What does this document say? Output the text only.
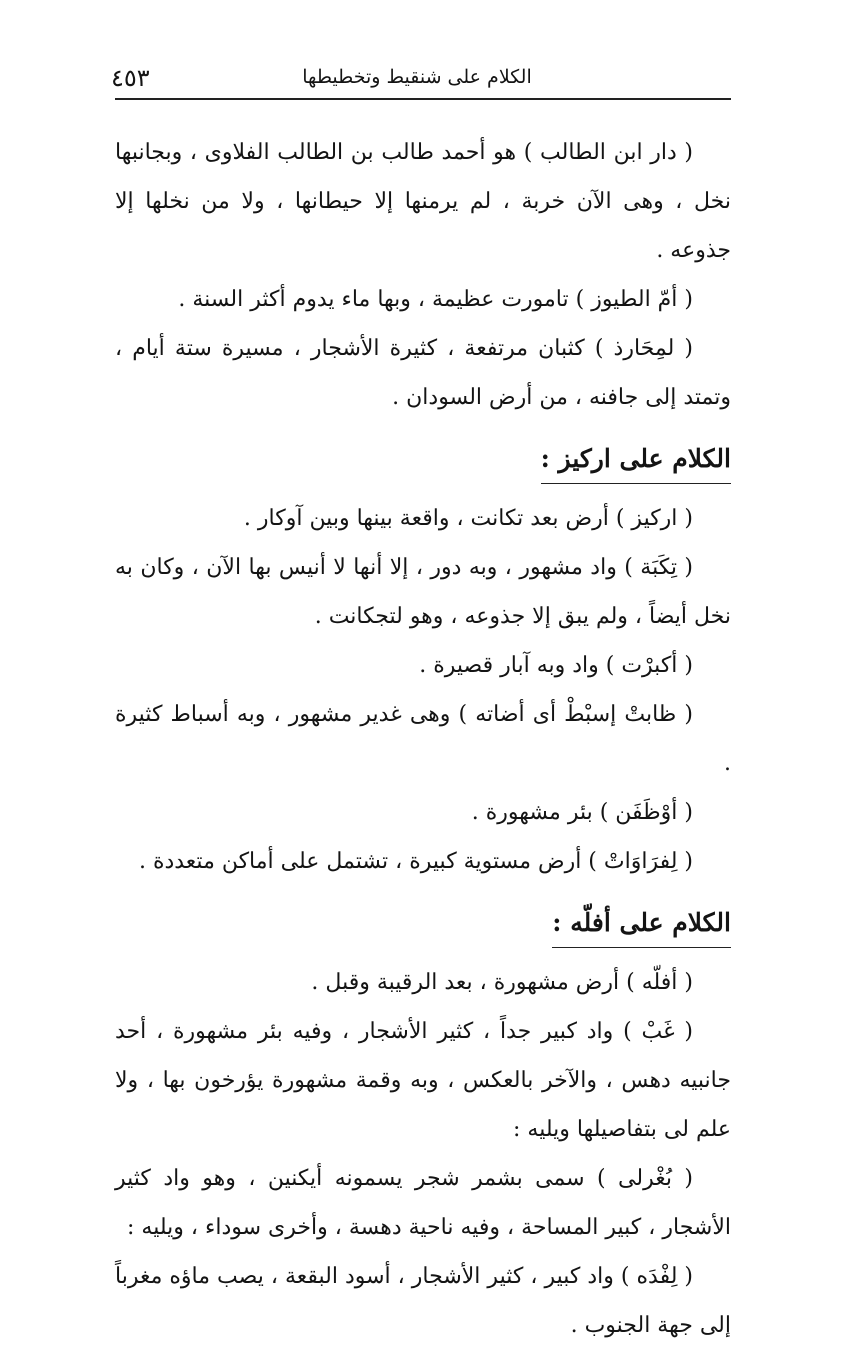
٤٥٣	الكلام على شنقيط وتخطيطها

( دار ابن الطالب ) هو أحمد طالب بن الطالب الفلاوى ، وبجانبها نخل ، وهى الآن خربة ، لم يرمنها إلا حيطانها ، ولا من نخلها إلا جذوعه .

( أمّ الطيوز ) تامورت عظيمة ، وبها ماء يدوم أكثر السنة .

( لمِحَارذ ) كثبان مرتفعة ، كثيرة الأشجار ، مسيرة ستة أيام ، وتمتد إلى جافنه ، من أرض السودان .

الكلام على اركيز :

( اركيز ) أرض بعد تكانت ، واقعة بينها وبين آوكار .

( تِكَبَة ) واد مشهور ، وبه دور ، إلا أنها لا أنيس بها الآن ، وكان به نخل أيضاً ، ولم يبق إلا جذوعه ، وهو لتجكانت .

( أكبرْت ) واد وبه آبار قصيرة .

( ظابتْ إسبْطْ أى أضاته ) وهى غدير مشهور ، وبه أسباط كثيرة .

( أوْظَفَن ) بئر مشهورة .

( لِفرَاوَاتْ ) أرض مستوية كبيرة ، تشتمل على أماكن متعددة .

الكلام على أفلّه :

( أفلّه ) أرض مشهورة ، بعد الرقيبة وقبل .

( غَبْ ) واد كبير جداً ، كثير الأشجار ، وفيه بئر مشهورة ، أحد جانبيه دهس ، والآخر بالعكس ، وبه وقمة مشهورة يؤرخون بها ، ولا علم لى بتفاصيلها ويليه :

( بُغْرلى ) سمى بشمر شجر يسمونه أيكنين ، وهو واد كثير الأشجار ، كبير المساحة ، وفيه ناحية دهسة ، وأخرى سوداء ، ويليه :

( لِفْدَه ) واد كبير ، كثير الأشجار ، أسود البقعة ، يصب ماؤه مغرباً إلى جهة الجنوب .
